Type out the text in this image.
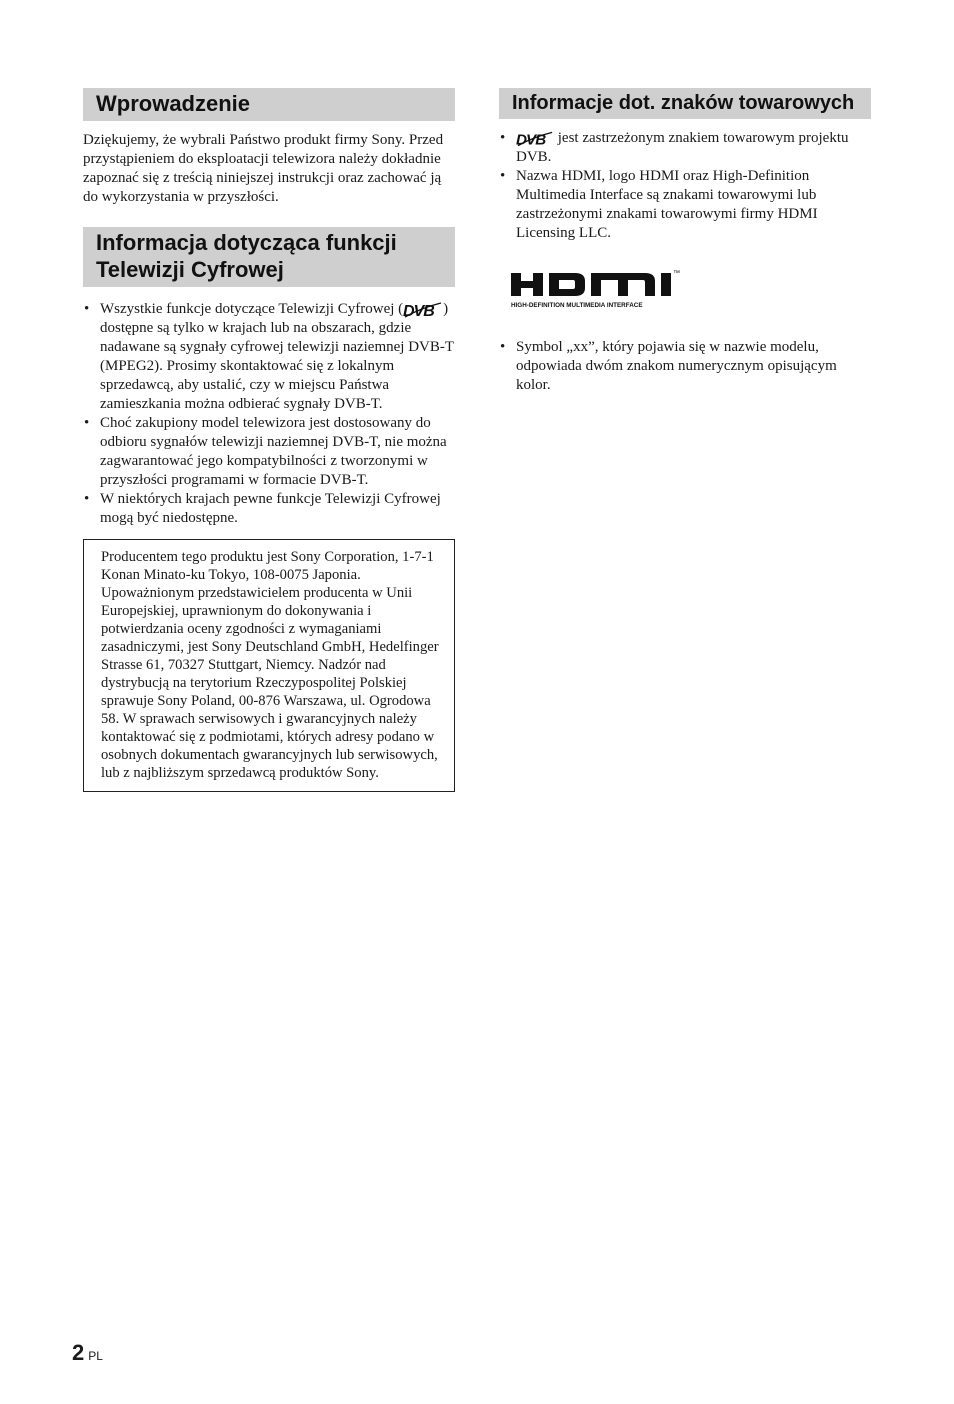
Wprowadzenie

Dziękujemy, że wybrali Państwo produkt firmy Sony. Przed przystąpieniem do eksploatacji telewizora należy dokładnie zapoznać się z treścią niniejszej instrukcji oraz zachować ją do wykorzystania w przyszłości.

Informacja dotycząca funkcji Telewizji Cyfrowej
• Wszystkie funkcje dotyczące Telewizji Cyfrowej ( DVB ) dostępne są tylko w krajach lub na obszarach, gdzie nadawane są sygnały cyfrowej telewizji naziemnej DVB-T (MPEG2). Prosimy skontaktować się z lokalnym sprzedawcą, aby ustalić, czy w miejscu Państwa zamieszkania można odbierać sygnały DVB-T.
• Choć zakupiony model telewizora jest dostosowany do odbioru sygnałów telewizji naziemnej DVB-T, nie można zagwarantować jego kompatybilności z tworzonymi w przyszłości programami w formacie DVB-T.
• W niektórych krajach pewne funkcje Telewizji Cyfrowej mogą być niedostępne.
Producentem tego produktu jest Sony Corporation, 1-7-1 Konan Minato-ku Tokyo, 108-0075 Japonia. Upoważnionym przedstawicielem producenta w Unii Europejskiej, uprawnionym do dokonywania i potwierdzania oceny zgodności z wymaganiami zasadniczymi, jest Sony Deutschland GmbH, Hedelfinger Strasse 61, 70327 Stuttgart, Niemcy. Nadzór nad dystrybucją na terytorium Rzeczypospolitej Polskiej sprawuje Sony Poland, 00-876 Warszawa, ul. Ogrodowa 58. W sprawach serwisowych i gwarancyjnych należy kontaktować się z podmiotami, których adresy podano w osobnych dokumentach gwarancyjnych lub serwisowych, lub z najbliższym sprzedawcą produktów Sony.
Informacje dot. znaków towarowych
• DVB jest zastrzeżonym znakiem towarowym projektu DVB.
• Nazwa HDMI, logo HDMI oraz High-Definition Multimedia Interface są znakami towarowymi lub zastrzeżonymi znakami towarowymi firmy HDMI Licensing LLC.
™
HIGH-DEFINITION MULTIMEDIA INTERFACE
• Symbol „xx”, który pojawia się w nazwie modelu, odpowiada dwóm znakom numerycznym opisującym kolor.
2 PL
